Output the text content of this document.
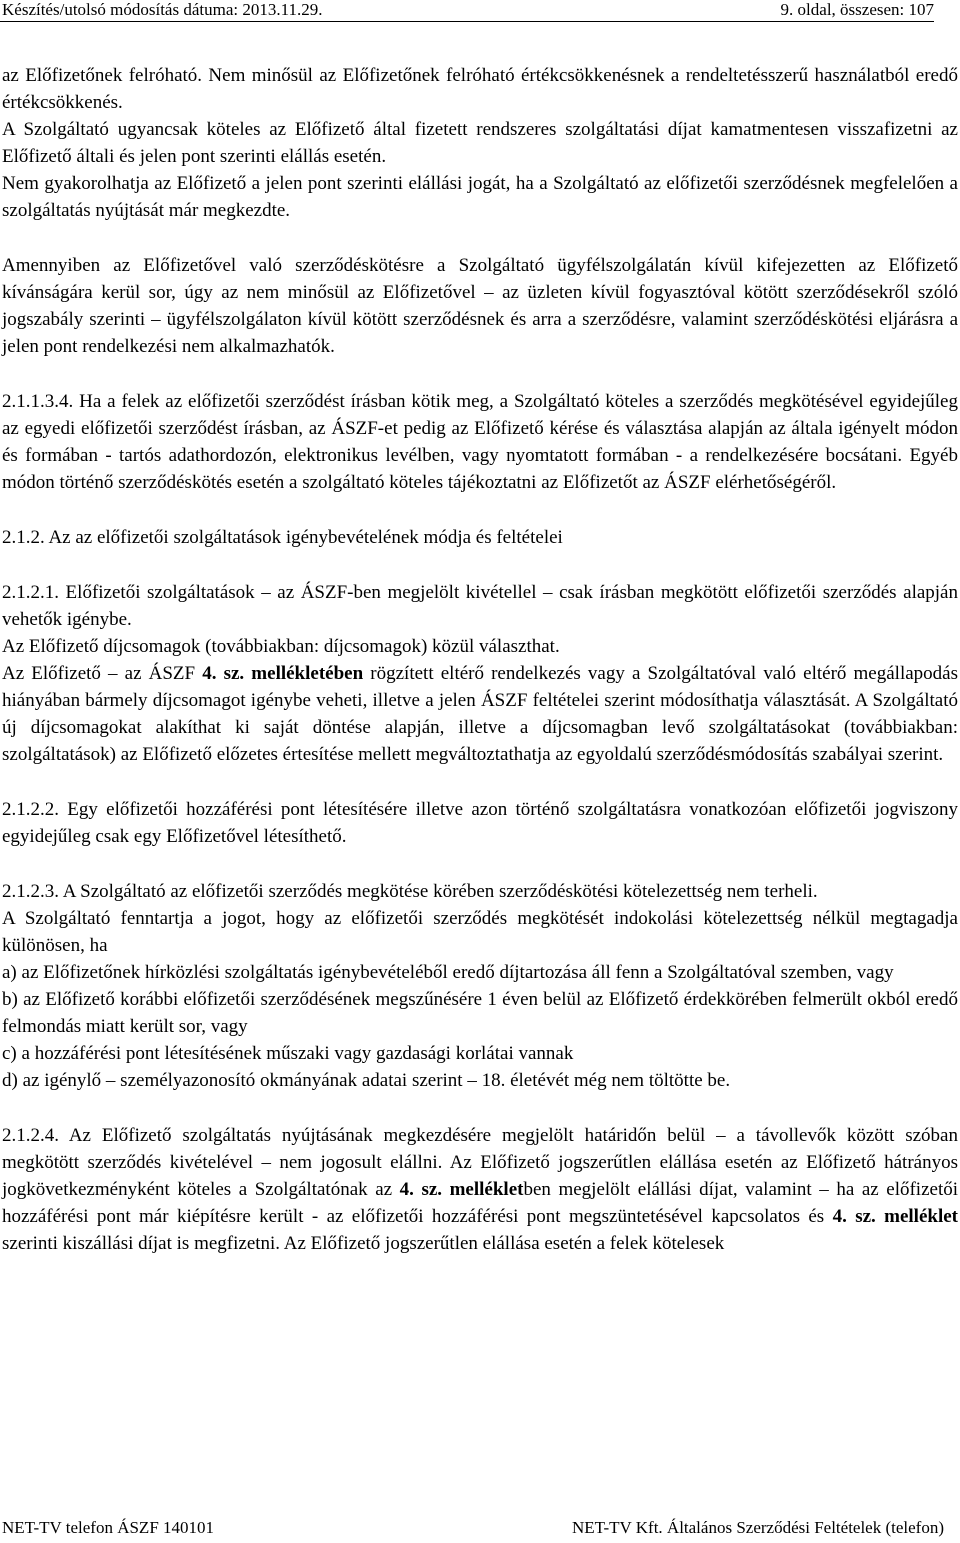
Készítés/utolsó módosítás dátuma: 2013.11.29.	9. oldal, összesen: 107

az Előfizetőnek felróható. Nem minősül az Előfizetőnek felróható értékcsökkenésnek a rendeltetésszerű használatból eredő értékcsökkenés.

A Szolgáltató ugyancsak köteles az Előfizető által fizetett rendszeres szolgáltatási díjat kamatmentesen visszafizetni az Előfizető általi és jelen pont szerinti elállás esetén.

Nem gyakorolhatja az Előfizető a jelen pont szerinti elállási jogát, ha a Szolgáltató az előfizetői szerződésnek megfelelően a szolgáltatás nyújtását már megkezdte.

Amennyiben az Előfizetővel való szerződéskötésre a Szolgáltató ügyfélszolgálatán kívül kifejezetten az Előfizető kívánságára kerül sor, úgy az nem minősül az Előfizetővel – az üzleten kívül fogyasztóval kötött szerződésekről szóló jogszabály szerinti – ügyfélszolgálaton kívül kötött szerződésnek és arra a szerződésre, valamint szerződéskötési eljárásra a jelen pont rendelkezési nem alkalmazhatók.

2.1.1.3.4. Ha a felek az előfizetői szerződést írásban kötik meg, a Szolgáltató köteles a szerződés megkötésével egyidejűleg az egyedi előfizetői szerződést írásban, az ÁSZF-et pedig az Előfizető kérése és választása alapján az általa igényelt módon és formában - tartós adathordozón, elektronikus levélben, vagy nyomtatott formában - a rendelkezésére bocsátani. Egyéb módon történő szerződéskötés esetén a szolgáltató köteles tájékoztatni az Előfizetőt az ÁSZF elérhetőségéről.

2.1.2. Az az előfizetői szolgáltatások igénybevételének módja és feltételei

2.1.2.1. Előfizetői szolgáltatások – az ÁSZF-ben megjelölt kivétellel – csak írásban megkötött előfizetői szerződés alapján vehetők igénybe.

Az Előfizető díjcsomagok (továbbiakban: díjcsomagok) közül választhat.

Az Előfizető – az ÁSZF 4. sz. mellékletében rögzített eltérő rendelkezés vagy a Szolgáltatóval való eltérő megállapodás hiányában bármely díjcsomagot igénybe veheti, illetve a jelen ÁSZF feltételei szerint módosíthatja választását. A Szolgáltató új díjcsomagokat alakíthat ki saját döntése alapján, illetve a díjcsomagban levő szolgáltatásokat (továbbiakban: szolgáltatások) az Előfizető előzetes értesítése mellett megváltoztathatja az egyoldalú szerződésmódosítás szabályai szerint.

2.1.2.2. Egy előfizetői hozzáférési pont létesítésére illetve azon történő szolgáltatásra vonatkozóan előfizetői jogviszony egyidejűleg csak egy Előfizetővel létesíthető.

2.1.2.3. A Szolgáltató az előfizetői szerződés megkötése körében szerződéskötési kötelezettség nem terheli.

A Szolgáltató fenntartja a jogot, hogy az előfizetői szerződés megkötését indokolási kötelezettség nélkül megtagadja különösen, ha

a) az Előfizetőnek hírközlési szolgáltatás igénybevételéből eredő díjtartozása áll fenn a Szolgáltatóval szemben, vagy

b) az Előfizető korábbi előfizetői szerződésének megszűnésére 1 éven belül az Előfizető érdekkörében felmerült okból eredő felmondás miatt került sor, vagy

c) a hozzáférési pont létesítésének műszaki vagy gazdasági korlátai vannak

d) az igénylő – személyazonosító okmányának adatai szerint – 18. életévét még nem töltötte be.

2.1.2.4. Az Előfizető szolgáltatás nyújtásának megkezdésére megjelölt határidőn belül – a távollevők között szóban megkötött szerződés kivételével – nem jogosult elállni. Az Előfizető jogszerűtlen elállása esetén az Előfizető hátrányos jogkövetkezményként köteles a Szolgáltatónak az 4. sz. mellékletben megjelölt elállási díjat, valamint – ha az előfizetői hozzáférési pont már kiépítésre került - az előfizetői hozzáférési pont megszüntetésével kapcsolatos és 4. sz. melléklet szerinti kiszállási díjat is megfizetni. Az Előfizető jogszerűtlen elállása esetén a felek kötelesek

NET-TV telefon ÁSZF 140101	NET-TV Kft. Általános Szerződési Feltételek (telefon)
